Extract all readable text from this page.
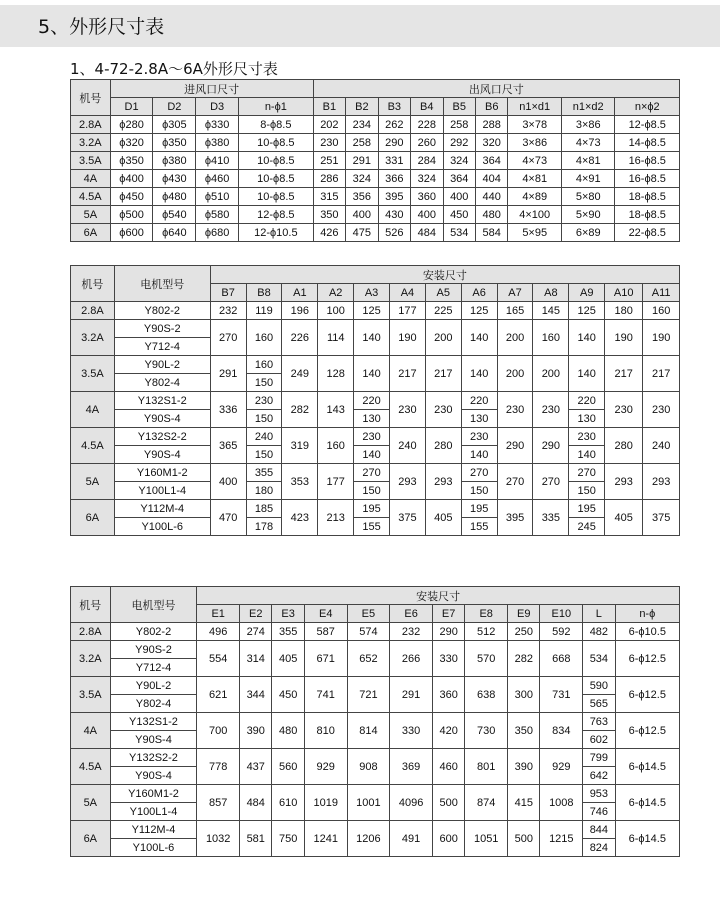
5、外形尺寸表
1、4-72-2.8A～6A外形尺寸表
机号	进风口尺寸				出风口尺寸								
	D1	D2	D3	n-ϕ1	B1	B2	B3	B4	B5	B6	n1×d1	n1×d2	n×ϕ2
2.8A	ϕ280	ϕ305	ϕ330	8-ϕ8.5	202	234	262	228	258	288	3×78	3×86	12-ϕ8.5
3.2A	ϕ320	ϕ350	ϕ380	10-ϕ8.5	230	258	290	260	292	320	3×86	4×73	14-ϕ8.5
3.5A	ϕ350	ϕ380	ϕ410	10-ϕ8.5	251	291	331	284	324	364	4×73	4×81	16-ϕ8.5
4A	ϕ400	ϕ430	ϕ460	10-ϕ8.5	286	324	366	324	364	404	4×81	4×91	16-ϕ8.5
4.5A	ϕ450	ϕ480	ϕ510	10-ϕ8.5	315	356	395	360	400	440	4×89	5×80	18-ϕ8.5
5A	ϕ500	ϕ540	ϕ580	12-ϕ8.5	350	400	430	400	450	480	4×100	5×90	18-ϕ8.5
6A	ϕ600	ϕ640	ϕ680	12-ϕ10.5	426	475	526	484	534	584	5×95	6×89	22-ϕ8.5
机号	电机型号	安装尺寸												
		B7	B8	A1	A2	A3	A4	A5	A6	A7	A8	A9	A10	A11
2.8A	Y802-2	232	119	196	100	125	177	225	125	165	145	125	180	160
3.2A	Y90S-2	270	160	226	114	140	190	200	140	200	160	140	190	190
	Y712-4													
3.5A	Y90L-2	291	160	249	128	140	217	217	140	200	200	140	217	217
	Y802-4		150											
4A	Y132S1-2	336	230	282	143	220	230	230	220	230	230	220	230	230
	Y90S-4		150			130			130			130		
4.5A	Y132S2-2	365	240	319	160	230	240	280	230	290	290	230	280	240
	Y90S-4		150			140			140			140		
5A	Y160M1-2	400	355	353	177	270	293	293	270	270	270	270	293	293
	Y100L1-4		180			150			150			150		
6A	Y112M-4	470	185	423	213	195	375	405	195	395	335	195	405	375
	Y100L-6		178			155			155			245		
机号	电机型号	安装尺寸											
		E1	E2	E3	E4	E5	E6	E7	E8	E9	E10	L	n-ϕ
2.8A	Y802-2	496	274	355	587	574	232	290	512	250	592	482	6-ϕ10.5
3.2A	Y90S-2	554	314	405	671	652	266	330	570	282	668	534	6-ϕ12.5
	Y712-4												
3.5A	Y90L-2	621	344	450	741	721	291	360	638	300	731	590	6-ϕ12.5
	Y802-4											565	
4A	Y132S1-2	700	390	480	810	814	330	420	730	350	834	763	6-ϕ12.5
	Y90S-4											602	
4.5A	Y132S2-2	778	437	560	929	908	369	460	801	390	929	799	6-ϕ14.5
	Y90S-4											642	
5A	Y160M1-2	857	484	610	1019	1001	4096	500	874	415	1008	953	6-ϕ14.5
	Y100L1-4											746	
6A	Y112M-4	1032	581	750	1241	1206	491	600	1051	500	1215	844	6-ϕ14.5
	Y100L-6											824	
